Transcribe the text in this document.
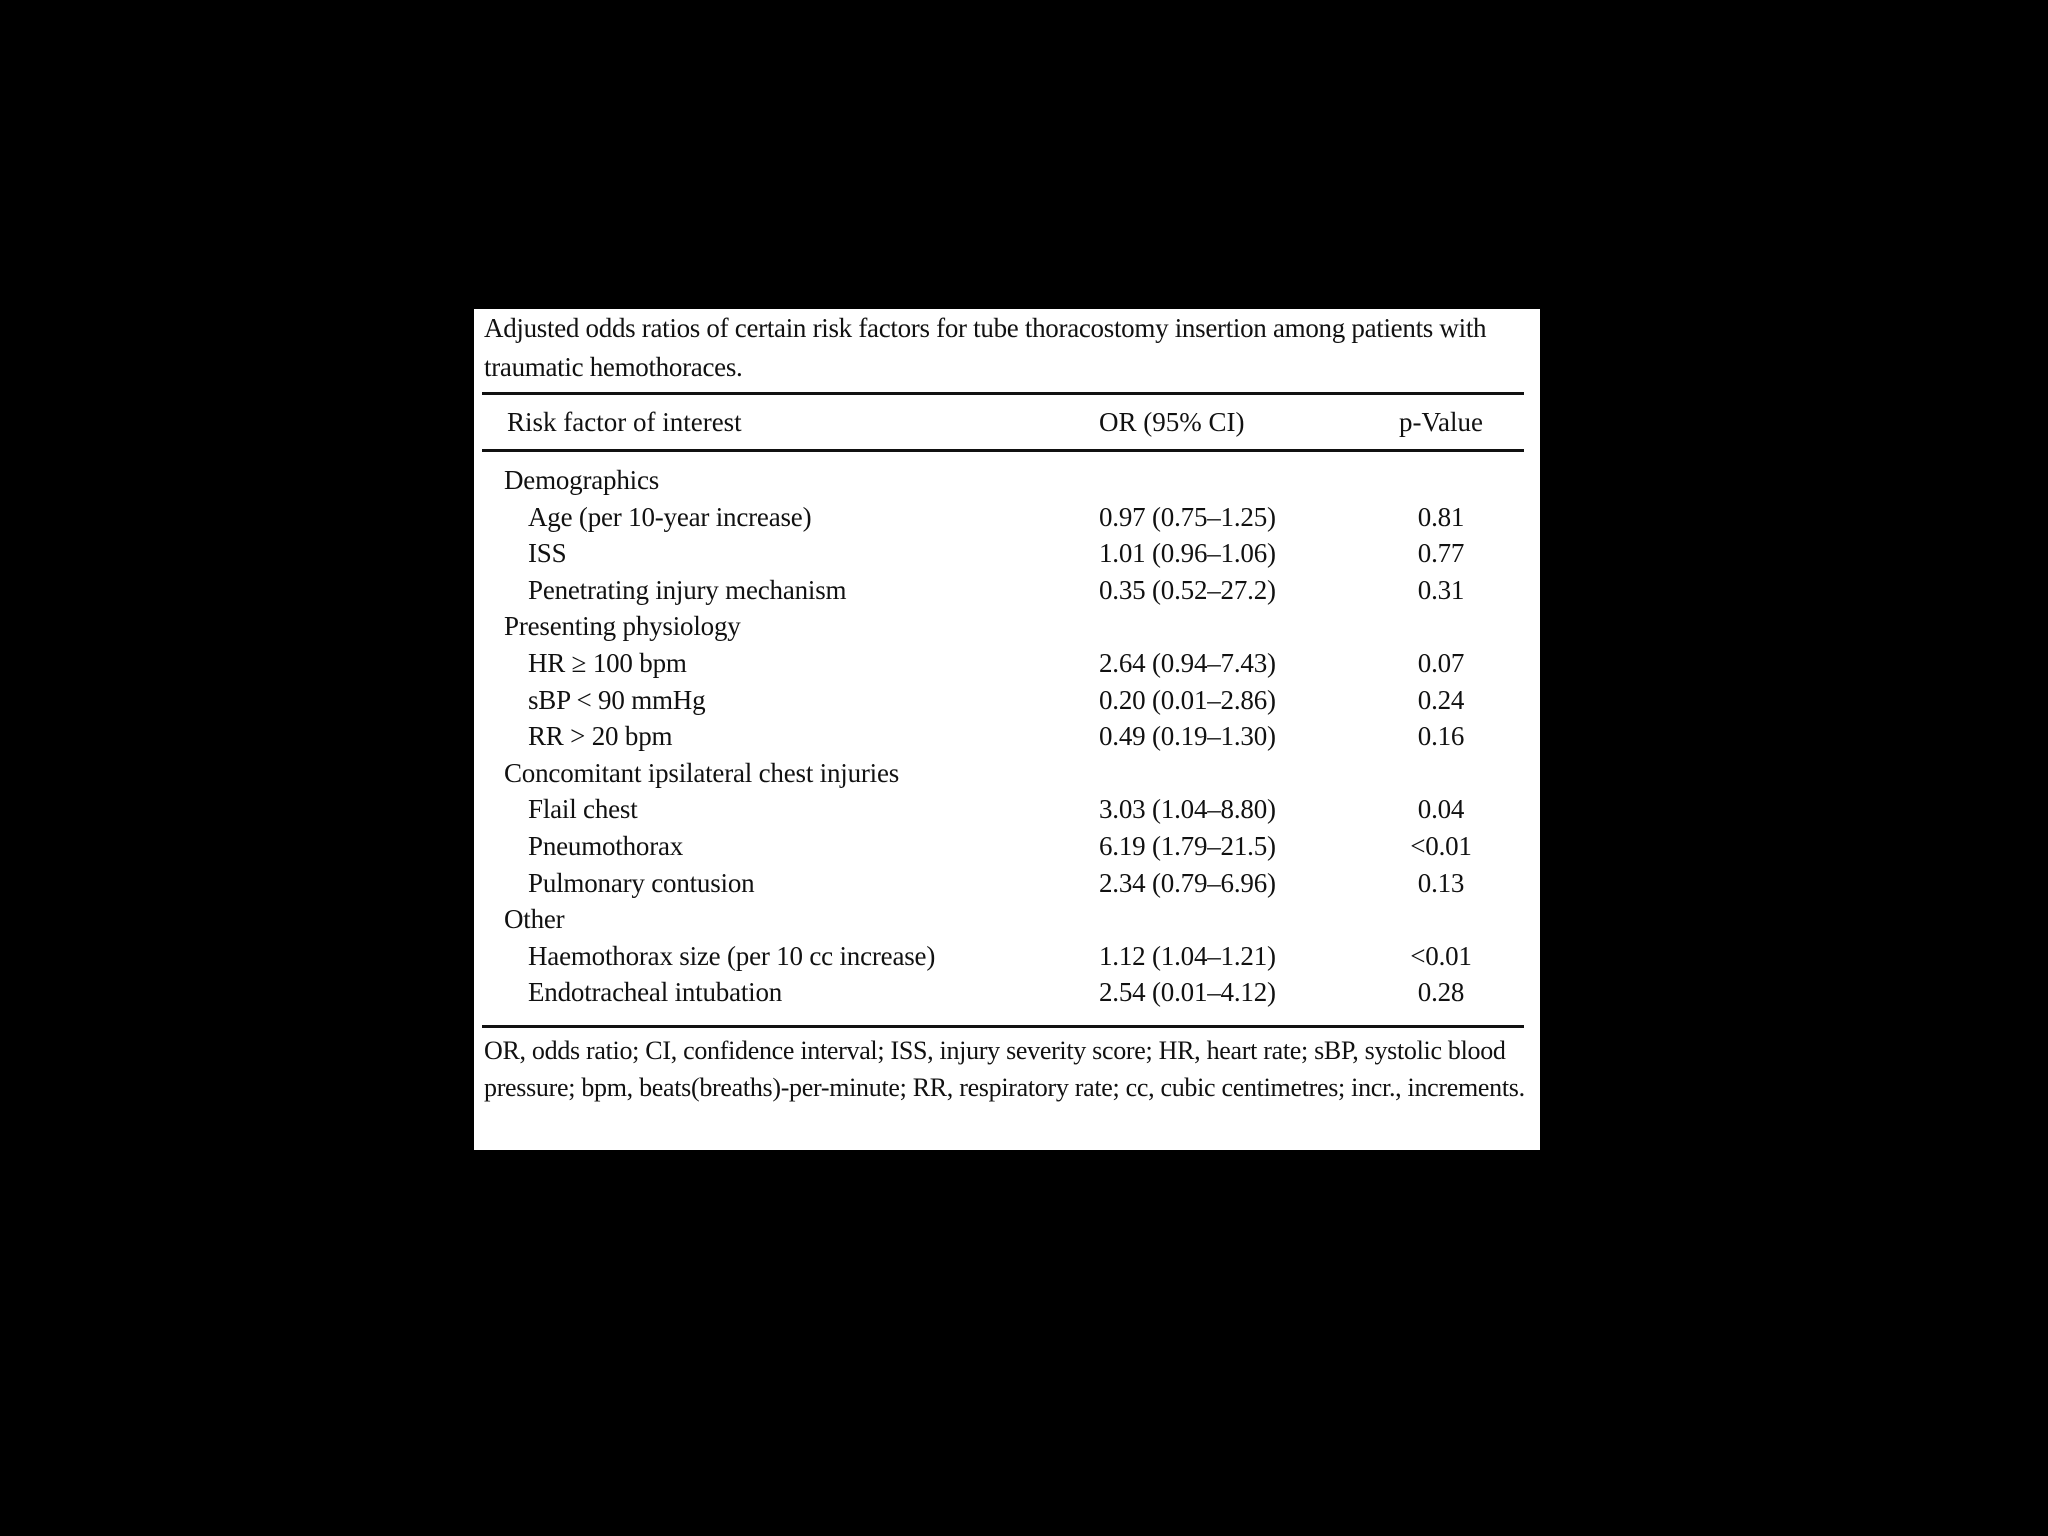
Adjusted odds ratios of certain risk factors for tube thoracostomy insertion among patients with traumatic hemothoraces.
Risk factor of interest	OR (95% CI)	p-Value
Demographics
Age (per 10-year increase)	0.97 (0.75–1.25)	0.81
ISS	1.01 (0.96–1.06)	0.77
Penetrating injury mechanism	0.35 (0.52–27.2)	0.31
Presenting physiology
HR ≥ 100 bpm	2.64 (0.94–7.43)	0.07
sBP < 90 mmHg	0.20 (0.01–2.86)	0.24
RR > 20 bpm	0.49 (0.19–1.30)	0.16
Concomitant ipsilateral chest injuries
Flail chest	3.03 (1.04–8.80)	0.04
Pneumothorax	6.19 (1.79–21.5)	<0.01
Pulmonary contusion	2.34 (0.79–6.96)	0.13
Other
Haemothorax size (per 10 cc increase)	1.12 (1.04–1.21)	<0.01
Endotracheal intubation	2.54 (0.01–4.12)	0.28
OR, odds ratio; CI, confidence interval; ISS, injury severity score; HR, heart rate; sBP, systolic blood pressure; bpm, beats(breaths)-per-minute; RR, respiratory rate; cc, cubic centimetres; incr., increments.
